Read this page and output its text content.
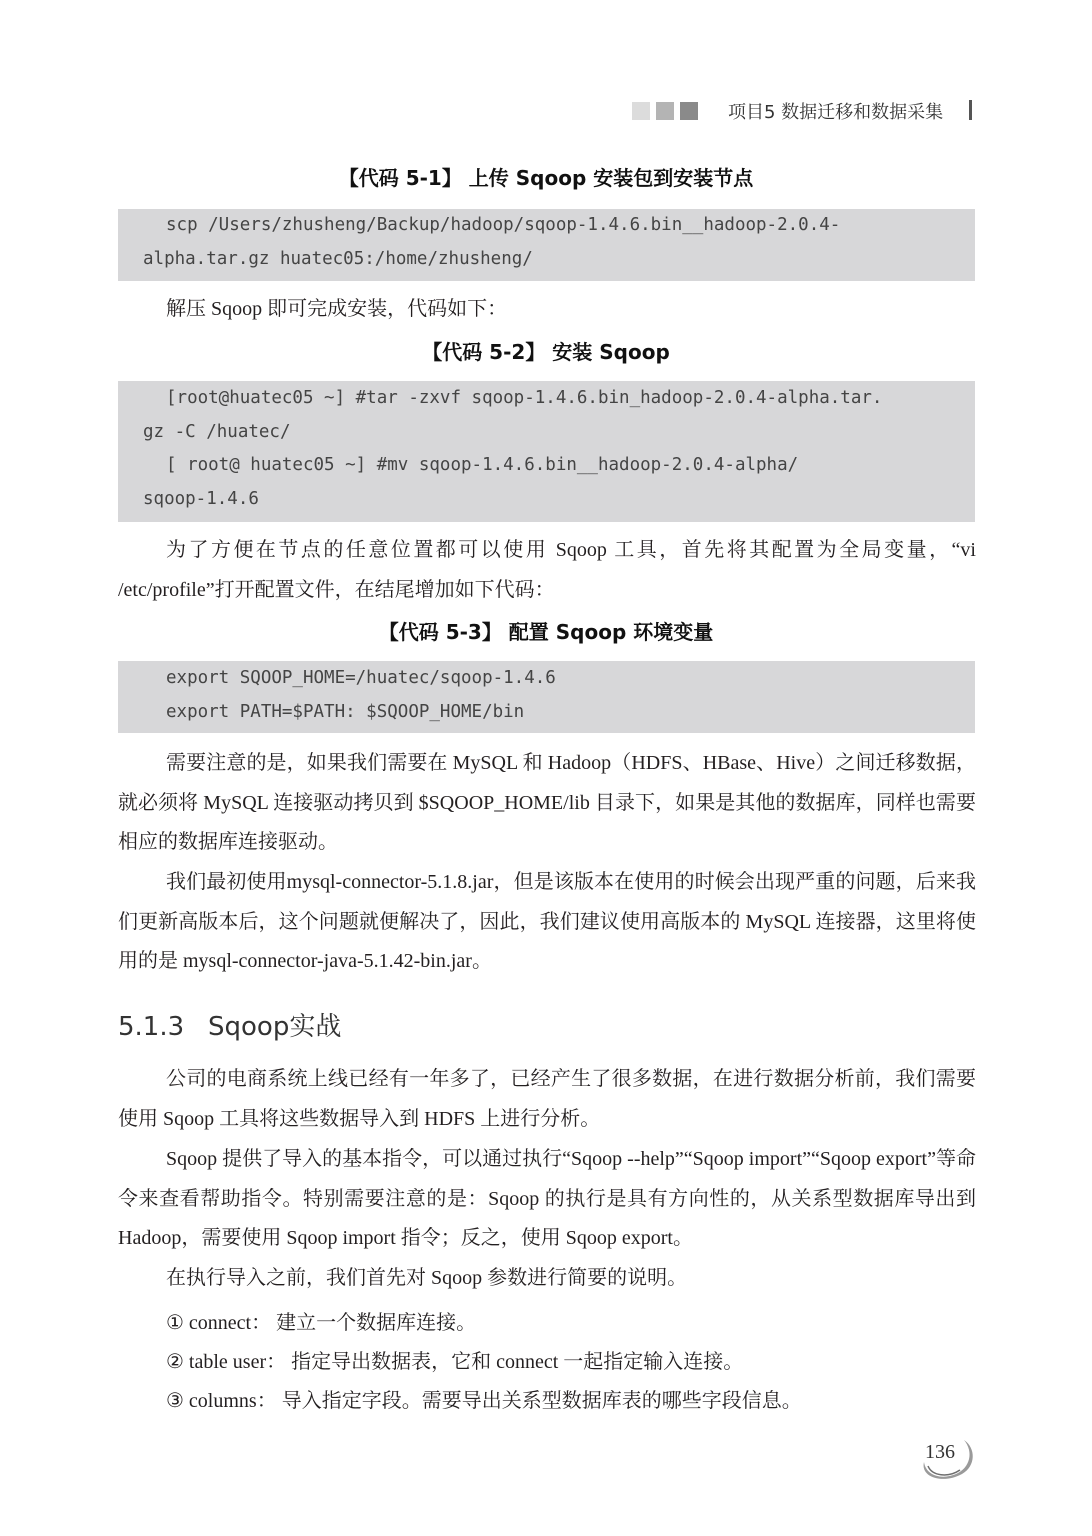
项目5 数据迁移和数据采集
【代码 5-1】 上传 Sqoop 安装包到安装节点
scp /Users/zhusheng/Backup/hadoop/sqoop-1.4.6.bin__hadoop-2.0.4-
alpha.tar.gz huatec05:/home/zhusheng/

解压 Sqoop 即可完成安装，代码如下：

【代码 5-2】 安装 Sqoop
[root@huatec05 ~] #tar -zxvf sqoop-1.4.6.bin_hadoop-2.0.4-alpha.tar.
gz -C /huatec/
[ root@ huatec05 ~] #mv sqoop-1.4.6.bin__hadoop-2.0.4-alpha/
sqoop-1.4.6

为了方便在节点的任意位置都可以使用 Sqoop 工具，首先将其配置为全局变量，“vi /etc/profile”打开配置文件，在结尾增加如下代码：

【代码 5-3】 配置 Sqoop 环境变量
export SQOOP_HOME=/huatec/sqoop-1.4.6
export PATH=$PATH: $SQOOP_HOME/bin

需要注意的是，如果我们需要在 MySQL 和 Hadoop（HDFS、HBase、Hive）之间迁移数据，就必须将 MySQL 连接驱动拷贝到 $SQOOP_HOME/lib 目录下，如果是其他的数据库，同样也需要相应的数据库连接驱动。

我们最初使用mysql-connector-5.1.8.jar，但是该版本在使用的时候会出现严重的问题，后来我们更新高版本后，这个问题就便解决了，因此，我们建议使用高版本的 MySQL 连接器，这里将使用的是 mysql-connector-java-5.1.42-bin.jar。

5.1.3 Sqoop实战

公司的电商系统上线已经有一年多了，已经产生了很多数据，在进行数据分析前，我们需要使用 Sqoop 工具将这些数据导入到 HDFS 上进行分析。

Sqoop 提供了导入的基本指令，可以通过执行“Sqoop --help”“Sqoop import”“Sqoop export”等命令来查看帮助指令。特别需要注意的是：Sqoop 的执行是具有方向性的，从关系型数据库导出到 Hadoop，需要使用 Sqoop import 指令；反之，使用 Sqoop export。

在执行导入之前，我们首先对 Sqoop 参数进行简要的说明。

① connect： 建立一个数据库连接。
② table user： 指定导出数据表，它和 connect 一起指定输入连接。
③ columns： 导入指定字段。需要导出关系型数据库表的哪些字段信息。
136
